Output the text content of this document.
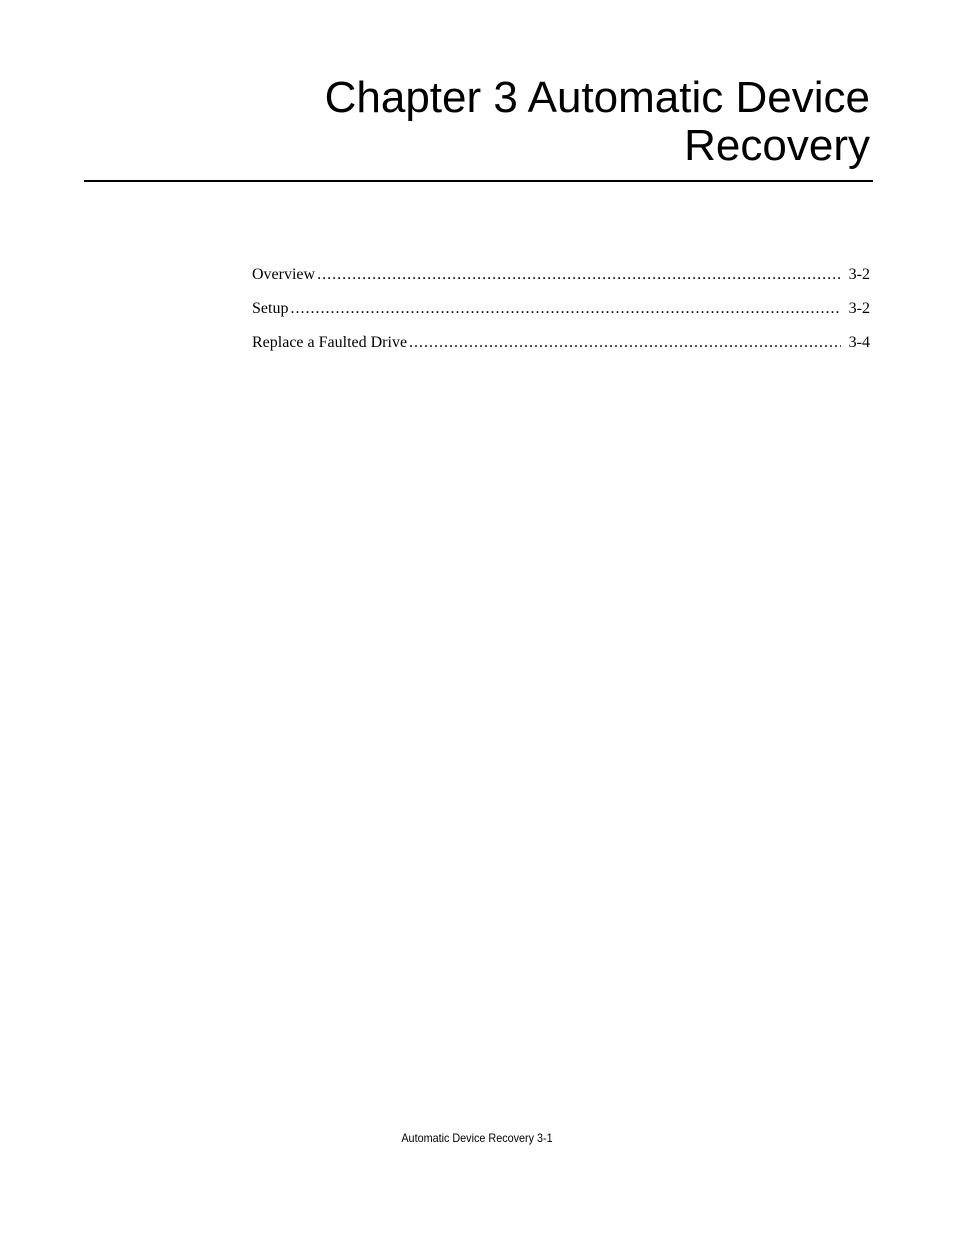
Chapter 3 Automatic Device
Recovery
Overview .....	3-2
Setup .....	3-2
Replace a Faulted Drive .....	3-4
Automatic Device Recovery 3-1
